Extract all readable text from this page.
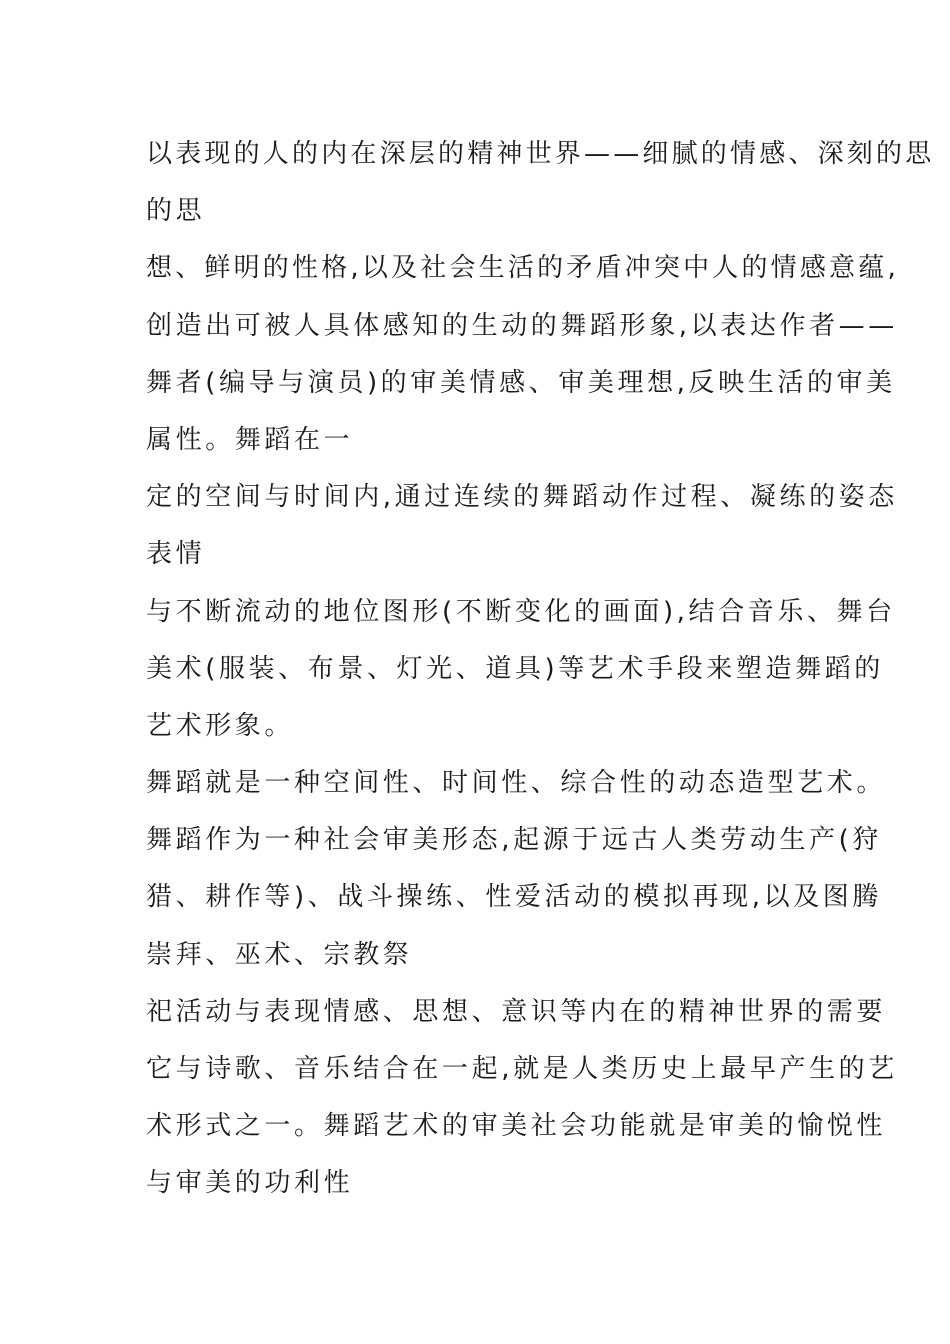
以表现的人的内在深层的精神世界——细腻的情感、深刻的思
的思
想、鲜明的性格,以及社会生活的矛盾冲突中人的情感意蕴,
创造出可被人具体感知的生动的舞蹈形象,以表达作者——
舞者(编导与演员)的审美情感、审美理想,反映生活的审美
属性。舞蹈在一
定的空间与时间内,通过连续的舞蹈动作过程、凝练的姿态
表情
与不断流动的地位图形(不断变化的画面),结合音乐、舞台
美术(服装、布景、灯光、道具)等艺术手段来塑造舞蹈的
艺术形象。
舞蹈就是一种空间性、时间性、综合性的动态造型艺术。
舞蹈作为一种社会审美形态,起源于远古人类劳动生产(狩
猎、耕作等)、战斗操练、性爱活动的模拟再现,以及图腾
崇拜、巫术、宗教祭
祀活动与表现情感、思想、意识等内在的精神世界的需要
它与诗歌、音乐结合在一起,就是人类历史上最早产生的艺
术形式之一。舞蹈艺术的审美社会功能就是审美的愉悦性
与审美的功利性
